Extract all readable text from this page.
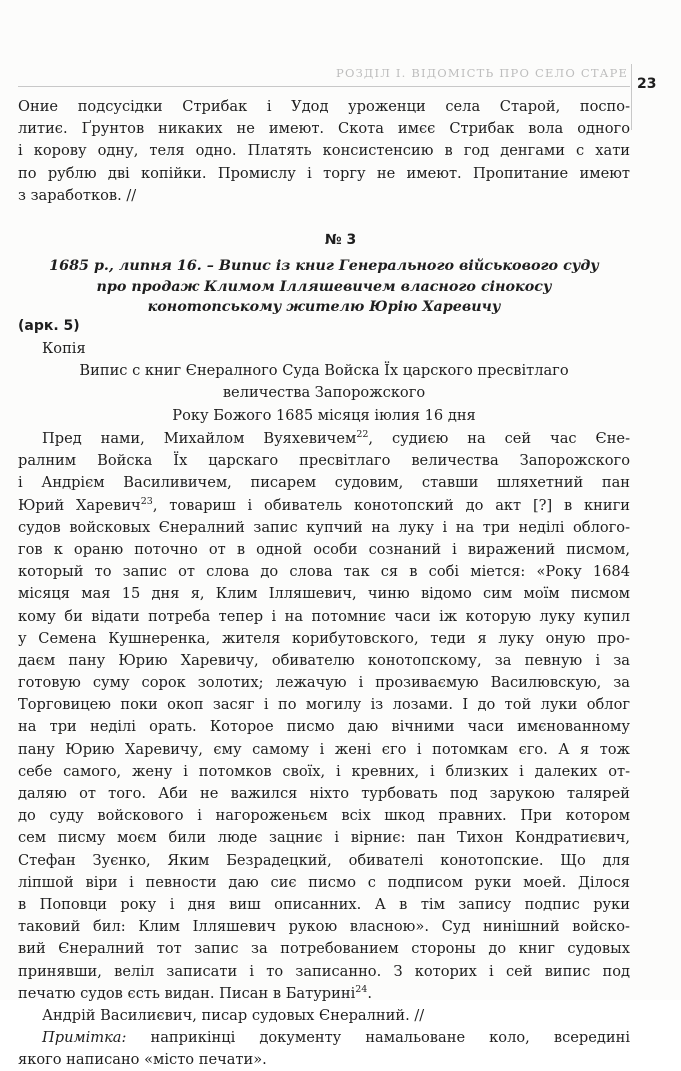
РОЗДІЛ І. ВІДОМІСТЬ ПРО СЕЛО СТАРЕ
23
Оние подсусідки Стрибак і Удод уроженци села Старой, поспо-
литиє. Ґрунтов никаких не имеют. Скота имєє Стрибак вола одного
і корову одну, теля одно. Платять консистенсию в год денгами с хати
по рублю дві копійки. Промислу і торгу не имеют. Пропитание имеют
з заработков. //
№ 3
1685 р., липня 16. – Випис із книг Генерального військового суду
про продаж Климом Ілляшевичем власного сінокосу
конотопському жителю Юрію Харевичу
(арк. 5)
Копія
Випис с книг Єнералного Суда Войска Їх царского пресвітлаго
величества Запорожского
Року Божого 1685 місяця іюлия 16 дня
Пред нами, Михайлом Вуяхевичем$^{22}$, судиєю на сей час Єне-
ралним Войска Їх царскаго пресвітлаго величества Запорожского
і Андрієм Василивичем, писарем судовим, ставши шляхетний пан
Юрий Харевич$^{23}$, товариш і обиватель конотопский до акт [?] в книги
судов войсковых Єнералний запис купчий на луку і на три неділі облого-
гов к ораню поточно от в одной особи сознаний і виражений писмом,
который то запис от слова до слова так ся в собі міется: «Року 1684
місяця мая 15 дня я, Клим Ілляшевич, чиню відомо сим моїм писмом
кому би відати потреба тепер і на потомниє часи іж которую луку купил
у Семена Кушнеренка, жителя корибутовского, теди я луку оную про-
даєм пану Юрию Харевичу, обивателю конотопскому, за певную і за
готовую суму сорок золотих; лежачую і прозиваємую Василювскую, за
Торговицею поки окоп засяг і по могилу із лозами. І до той луки облог
на три неділі орать. Которое писмо даю вічними часи имєнованному
пану Юрию Харевичу, єму самому і жені єго і потомкам єго. А я тож
себе самого, жену і потомков своїх, і кревних, і близких і далеких от-
даляю от того. Аби не важился ніхто турбовать под зарукою талярей
до суду войскового і нагороженьєм всіх шкод правних. При котором
сем писму моєм били люде зацниє і вірниє: пан Тихон Кондратиєвич,
Стефан Зуєнко, Яким Безрадецкий, обивателі конотопские. Що для
ліпшой віри і певности даю сиє писмо с подписом руки моей. Ділося
в Поповци року і дня виш описанних. А в тім запису подпис руки
таковий бил: Клим Ілляшевич рукою власною». Суд нинішний войско-
вий Єнералний тот запис за потребованием стороны до книг судовых
принявши, веліл записати і то записанно. З которих і сей випис под
печатю судов єсть видан. Писан в Батурині$^{24}$.
Андрій Василиєвич, писар судовых Єнералний. //
Примітка: наприкінці документу намальоване коло, всередині
якого написано «місто печати».
